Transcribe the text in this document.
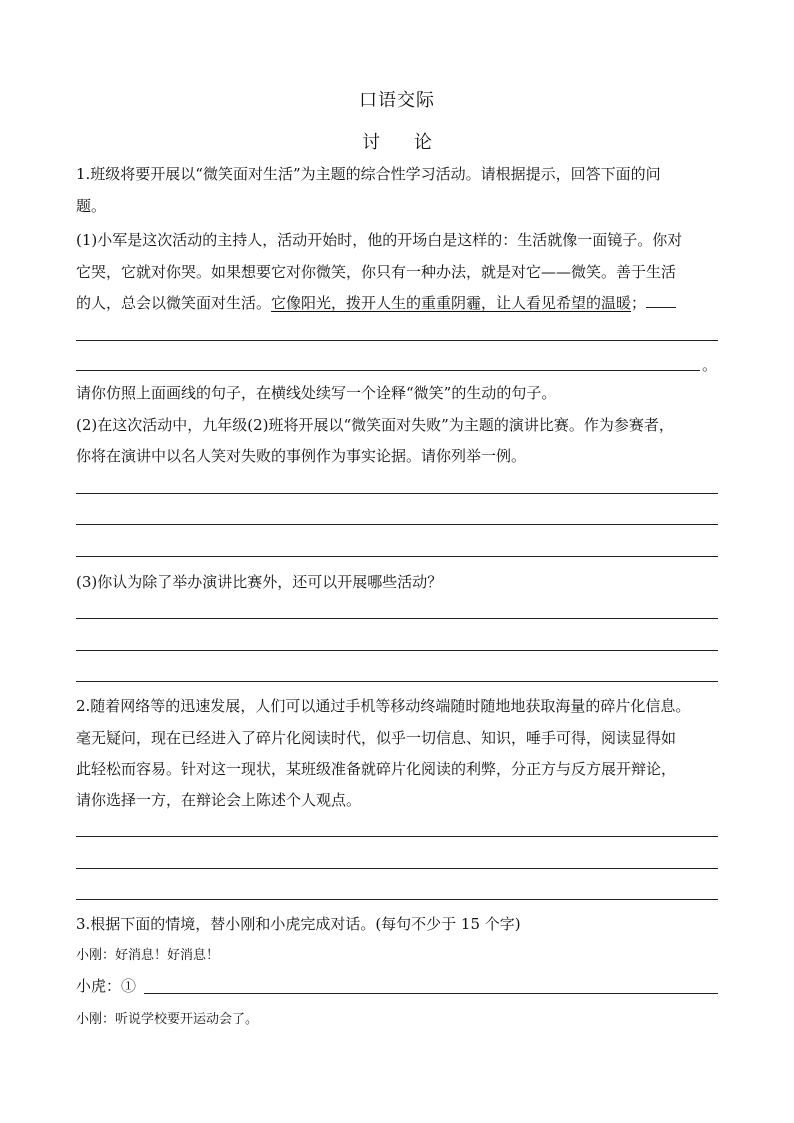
口语交际
讨 论
1.班级将要开展以“微笑面对生活”为主题的综合性学习活动。请根据提示，回答下面的问
题。
(1)小军是这次活动的主持人，活动开始时，他的开场白是这样的：生活就像一面镜子。你对
它哭，它就对你哭。如果想要它对你微笑，你只有一种办法，就是对它——微笑。善于生活
的人，总会以微笑面对生活。它像阳光，拨开人生的重重阴霾，让人看见希望的温暖；
。
请你仿照上面画线的句子，在横线处续写一个诠释“微笑”的生动的句子。
(2)在这次活动中，九年级(2)班将开展以“微笑面对失败”为主题的演讲比赛。作为参赛者，
你将在演讲中以名人笑对失败的事例作为事实论据。请你列举一例。
(3)你认为除了举办演讲比赛外，还可以开展哪些活动？
2.随着网络等的迅速发展，人们可以通过手机等移动终端随时随地地获取海量的碎片化信息。
毫无疑问，现在已经进入了碎片化阅读时代，似乎一切信息、知识，唾手可得，阅读显得如
此轻松而容易。针对这一现状，某班级准备就碎片化阅读的利弊，分正方与反方展开辩论，
请你选择一方，在辩论会上陈述个人观点。
3.根据下面的情境，替小刚和小虎完成对话。(每句不少于 15 个字)
小刚：好消息！好消息！
小虎：①
小刚：听说学校要开运动会了。
